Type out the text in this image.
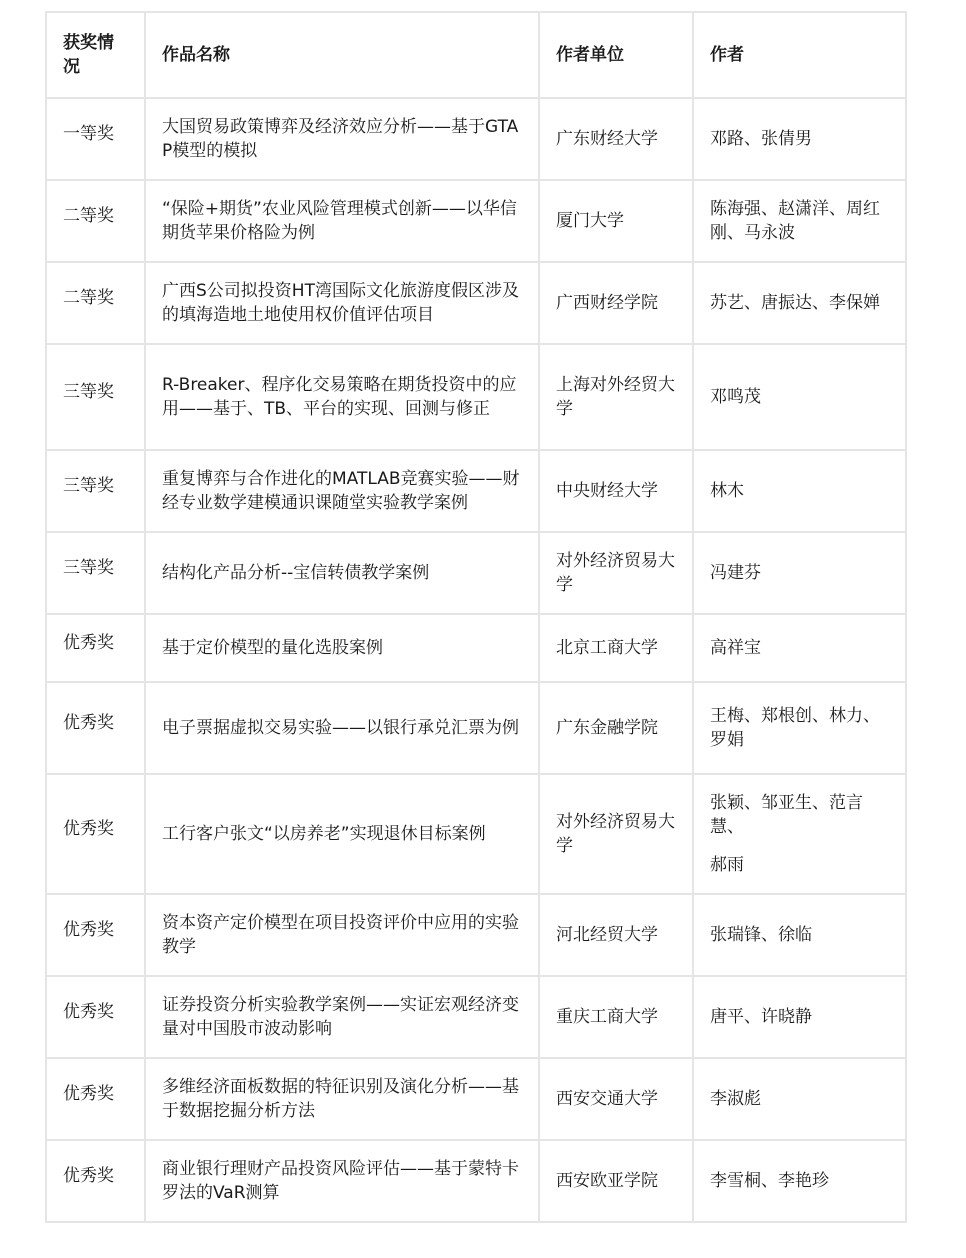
获奖情况	作品名称	作者单位	作者

一等奖	大国贸易政策博弈及经济效应分析——基于GTAP模型的模拟	广东财经大学	邓路、张倩男

二等奖	“保险+期货”农业风险管理模式创新——以华信期货苹果价格险为例	厦门大学	陈海强、赵潇洋、周红刚、马永波

二等奖	广西S公司拟投资HT湾国际文化旅游度假区涉及的填海造地土地使用权价值评估项目	广西财经学院	苏艺、唐振达、李保婵

三等奖	R-Breaker、程序化交易策略在期货投资中的应用——基于、TB、平台的实现、回测与修正	上海对外经贸大学	邓鸣茂

三等奖	重复博弈与合作进化的MATLAB竞赛实验——财经专业数学建模通识课随堂实验教学案例	中央财经大学	林木

三等奖	结构化产品分析--宝信转债教学案例	对外经济贸易大学	冯建芬

优秀奖	基于定价模型的量化选股案例	北京工商大学	高祥宝

优秀奖	电子票据虚拟交易实验——以银行承兑汇票为例	广东金融学院	王梅、郑根创、林力、罗娟

优秀奖	工行客户张文“以房养老”实现退休目标案例	对外经济贸易大学	张颖、邹亚生、范言慧、
郝雨

优秀奖	资本资产定价模型在项目投资评价中应用的实验教学	河北经贸大学	张瑞锋、徐临

优秀奖	证券投资分析实验教学案例——实证宏观经济变量对中国股市波动影响	重庆工商大学	唐平、许晓静

优秀奖	多维经济面板数据的特征识别及演化分析——基于数据挖掘分析方法	西安交通大学	李淑彪

优秀奖	商业银行理财产品投资风险评估——基于蒙特卡罗法的VaR测算	西安欧亚学院	李雪桐、李艳珍
